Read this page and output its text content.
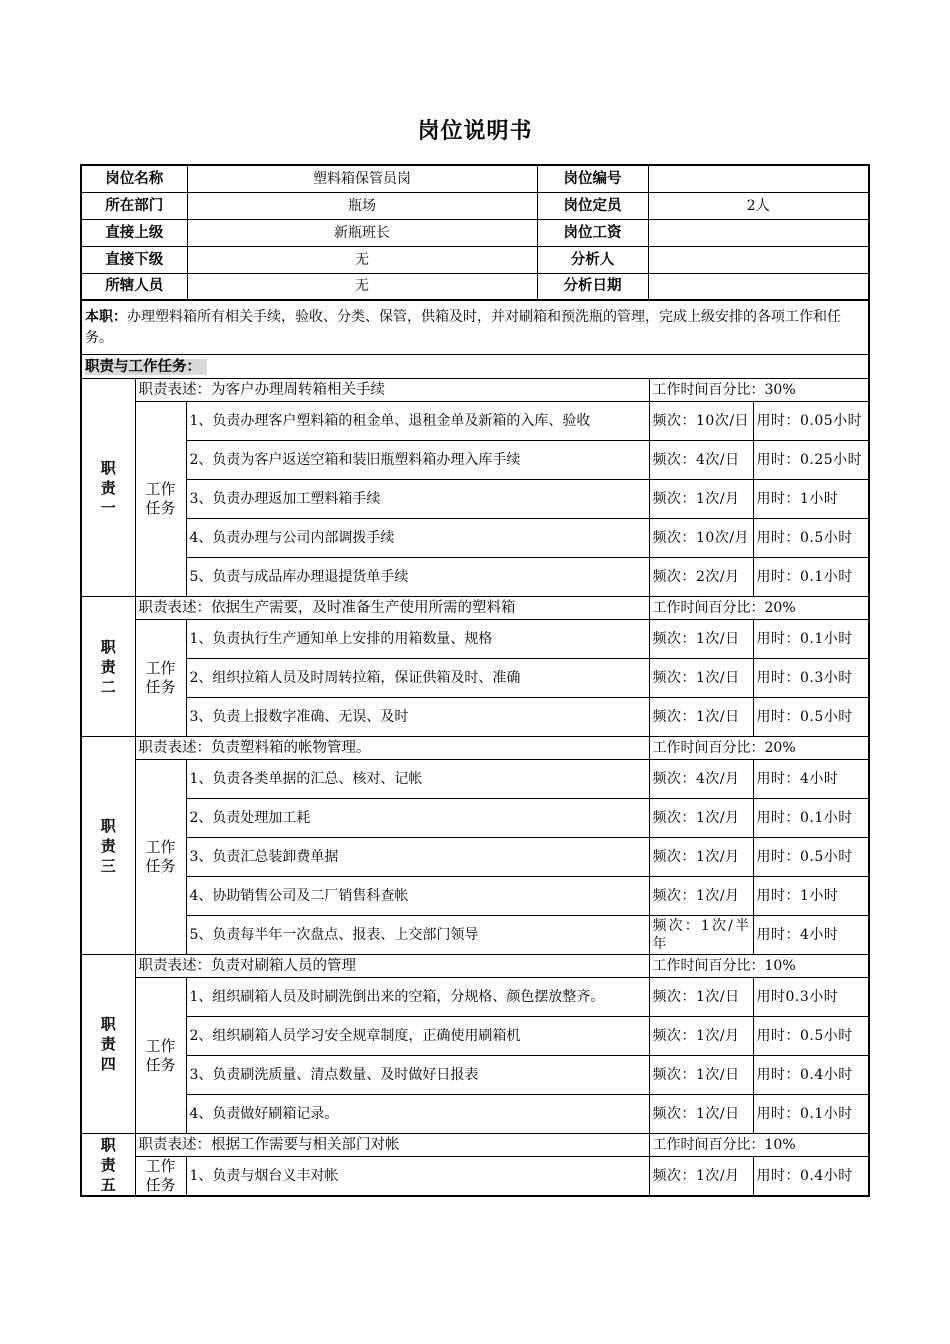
岗位说明书
岗位名称	塑料箱保管员岗	岗位编号	
所在部门	瓶场	岗位定员	2人
直接上级	新瓶班长	岗位工资	
直接下级	无	分析人	
所辖人员	无	分析日期	
本职：办理塑料箱所有相关手续，验收、分类、保管，供箱及时，并对刷箱和预洗瓶的管理，完成上级安排的各项工作和任务。				
职责与工作任务：				

职
责
一	职责表述：为客户办理周转箱相关手续		工作时间百分比：30%	

	工作任务	1、负责办理客户塑料箱的租金单、退租金单及新箱的入库、验收	频次：10次/日	用时：0.05小时
		2、负责为客户返送空箱和装旧瓶塑料箱办理入库手续	频次：4次/日	用时：0.25小时
		3、负责办理返加工塑料箱手续	频次：1次/月	用时：1小时
		4、负责办理与公司内部调拨手续	频次：10次/月	用时：0.5小时
		5、负责与成品库办理退提货单手续	频次：2次/月	用时：0.1小时

职
责
二	职责表述：依据生产需要，及时准备生产使用所需的塑料箱		工作时间百分比：20%	

	工作任务	1、负责执行生产通知单上安排的用箱数量、规格	频次：1次/日	用时：0.1小时
		2、组织拉箱人员及时周转拉箱，保证供箱及时、准确	频次：1次/日	用时：0.3小时
		3、负责上报数字准确、无误、及时	频次：1次/日	用时：0.5小时

职
责
三	职责表述：负责塑料箱的帐物管理。		工作时间百分比：20%	

	工作任务	1、负责各类单据的汇总、核对、记帐	频次：4次/月	用时：4小时
		2、负责处理加工耗	频次：1次/月	用时：0.1小时
		3、负责汇总装卸费单据	频次：1次/月	用时：0.5小时
		4、协助销售公司及二厂销售科查帐	频次：1次/月	用时：1小时
		5、负责每半年一次盘点、报表、上交部门领导	频次：1次/半年	用时：4小时

职
责
四	职责表述：负责对刷箱人员的管理		工作时间百分比：10%	

	工作任务	1、组织刷箱人员及时刷洗倒出来的空箱，分规格、颜色摆放整齐。	频次：1次/日	用时0.3小时
		2、组织刷箱人员学习安全规章制度，正确使用刷箱机	频次：1次/月	用时：0.5小时
		3、负责刷洗质量、清点数量、及时做好日报表	频次：1次/日	用时：0.4小时
		4、负责做好刷箱记录。	频次：1次/日	用时：0.1小时

职
责
五	职责表述：根据工作需要与相关部门对帐		工作时间百分比：10%	

	工作任务	1、负责与烟台义丰对帐	频次：1次/月	用时：0.4小时
